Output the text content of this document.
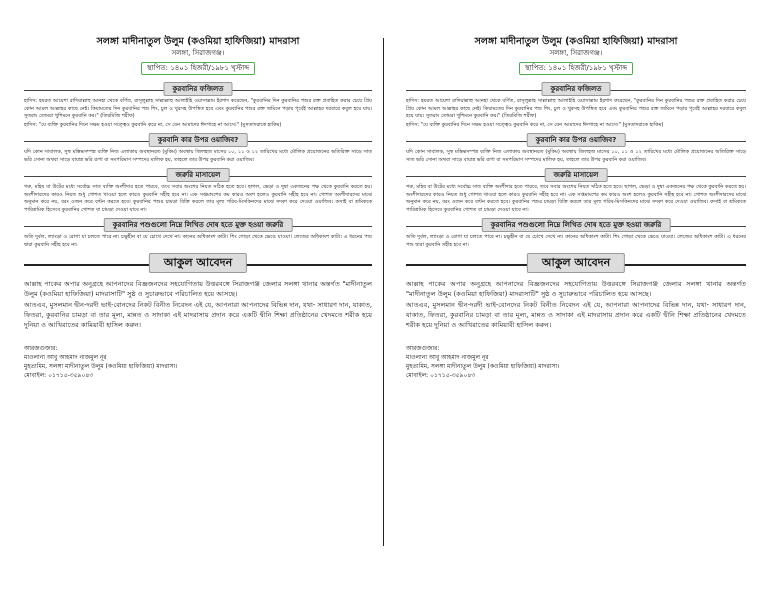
সলঙ্গা মাদীনাতুল উলুম (কওমিয়া হাফিজিয়া) মাদরাসা
সলঙ্গা, সিরাজগঞ্জ।
স্থাপিত: ১৪০১ হিজরী/১৯৮১ খৃস্টাব্দ
কুরবানির ফজিলত

হাদিস: হযরত আয়েশা রাদিয়াল্লাহু আনহা থেকে বর্ণিত, রাসূলুল্লাহ সাল্লাল্লাহু আলাইহি ওয়াসাল্লাম ইরশাদ করেছেন, "কুরবানির দিন কুরবানির পশুর রক্ত প্রবাহিত করার চেয়ে প্রিয় কোন আমল আল্লাহর কাছে নেই। কিয়ামতের দিন কুরবানির পশু শিং, চুল ও খুরসহ উপস্থিত হবে এবং কুরবানির পশুর রক্ত জমিনে পড়ার পূর্বেই আল্লাহর দরবারে কবুল হয়ে যায়। সুতরাং তোমরা খুশিমনে কুরবানি কর।" (তিরমিজি শরীফ)

হাদিস: "যে ব্যক্তি কুরবানির দিনে সক্ষম হওয়া সত্ত্বেও কুরবানি করে না, সে যেন আমাদের ঈদগাহে না আসে।" (মুসতাদরাকে হাকিম)

কুরবানি কার উপর ওয়াজিব?

যদি কোন সাবালক, সুস্থ মস্তিষ্কসম্পন্ন ব্যক্তি নিজ এলাকায় অবস্থানরত (মুকিম) অবস্থায় জিলহজ মাসের ১০, ১১ ও ১২ তারিখের মধ্যে মৌলিক প্রয়োজনের অতিরিক্ত সাড়ে সাত ভরি সোনা অথবা সাড়ে বায়ান্ন ভরি রূপা বা সমপরিমাণ সম্পদের মালিক হয়, তাহলে তার উপর কুরবানি করা ওয়াজিব।

জরুরি মাসায়েল

গরু, মহিষ বা উটের মধ্যে সর্বোচ্চ সাত ব্যক্তি অংশীদার হতে পারবে, তবে সবার অংশের নিয়ত সঠিক হতে হবে। ছাগল, ভেড়া ও দুম্বা একজনের পক্ষ থেকে কুরবানি করতে হয়। অংশীদারদের কারও নিয়ত শুধু গোশত খাওয়া হলে কারও কুরবানি সহীহ হবে না। এক সপ্তমাংশের কম কারও অংশ হলেও কুরবানি সহীহ হবে না। গোশত অংশীদারদের মাঝে অনুমান করে নয়, বরং ওজন করে বণ্টন করতে হবে। কুরবানির পশুর চামড়া বিক্রি করলে তার মূল্য গরিব-মিসকিনদের মাঝে সদকা করে দেওয়া ওয়াজিব। কসাই বা শ্রমিককে পারিশ্রমিক হিসেবে কুরবানির গোশত বা চামড়া দেওয়া যাবে না।

কুরবানির পশুগুলো নিম্নে লিখিত দোষ হতে মুক্ত হওয়া জরুরি

অতি দুর্বল, ল্যাংড়া ও রোগা যা চলতে পারে না। চক্ষুহীন বা যে চোখে দেখে না। কানের অধিকাংশ কাটা। শিং গোড়া থেকে ভেঙে যাওয়া। লেজের অধিকাংশ কাটা। এ ধরনের পশু দ্বারা কুরবানি সহীহ হবে না।

আকুল আবেদন

আল্লাহ পাকের অপার অনুগ্রহে আপনাদের বিজ্ঞজনদের সহযোগিতায় উত্তরবঙ্গে সিরাজগঞ্জ জেলার সলঙ্গা থানার অন্তর্গত "মাদীনাতুল উলুম (কওমিয়া হাফিজিয়া) মাদরাসাটি" সুষ্ঠ ও সুচারুভাবে পরিচালিত হয়ে আসছে।

আতএব, মুসলমান দ্বীন-দরদী ভাই-বোনদের নিকট বিনীত নিবেদন এই যে, আপনারা আপনাদের বিভিন্ন দান, যথা- সাধারণ দান, যাকাত, ফিতরা, কুরবানির চামড়া বা তার মূল্য, মান্নত ও সাদাকা এই মাদরাসায় প্রদান করে একটি দ্বীনি শিক্ষা প্রতিষ্ঠানের খেদমতে শরীক হয়ে দুনিয়া ও আখিরাতের কামিয়াবী হাসিল করুন।

আরজগুজার:
মাওলানা আবু আহমাদ নাজমুল নূর
মুহতামিম, সলঙ্গা মাদীনাতুল উলুম (কওমিয়া হাফিজিয়া) মাদরাসা।
মোবাইল: ০১৭১৫-৩৫৯০৪৩
সলঙ্গা মাদীনাতুল উলুম (কওমিয়া হাফিজিয়া) মাদরাসা
সলঙ্গা, সিরাজগঞ্জ।
স্থাপিত: ১৪০১ হিজরী/১৯৮১ খৃস্টাব্দ
কুরবানির ফজিলত

হাদিস: হযরত আয়েশা রাদিয়াল্লাহু আনহা থেকে বর্ণিত, রাসূলুল্লাহ সাল্লাল্লাহু আলাইহি ওয়াসাল্লাম ইরশাদ করেছেন, "কুরবানির দিন কুরবানির পশুর রক্ত প্রবাহিত করার চেয়ে প্রিয় কোন আমল আল্লাহর কাছে নেই। কিয়ামতের দিন কুরবানির পশু শিং, চুল ও খুরসহ উপস্থিত হবে এবং কুরবানির পশুর রক্ত জমিনে পড়ার পূর্বেই আল্লাহর দরবারে কবুল হয়ে যায়। সুতরাং তোমরা খুশিমনে কুরবানি কর।" (তিরমিজি শরীফ)

হাদিস: "যে ব্যক্তি কুরবানির দিনে সক্ষম হওয়া সত্ত্বেও কুরবানি করে না, সে যেন আমাদের ঈদগাহে না আসে।" (মুসতাদরাকে হাকিম)

কুরবানি কার উপর ওয়াজিব?

যদি কোন সাবালক, সুস্থ মস্তিষ্কসম্পন্ন ব্যক্তি নিজ এলাকায় অবস্থানরত (মুকিম) অবস্থায় জিলহজ মাসের ১০, ১১ ও ১২ তারিখের মধ্যে মৌলিক প্রয়োজনের অতিরিক্ত সাড়ে সাত ভরি সোনা অথবা সাড়ে বায়ান্ন ভরি রূপা বা সমপরিমাণ সম্পদের মালিক হয়, তাহলে তার উপর কুরবানি করা ওয়াজিব।

জরুরি মাসায়েল

গরু, মহিষ বা উটের মধ্যে সর্বোচ্চ সাত ব্যক্তি অংশীদার হতে পারবে, তবে সবার অংশের নিয়ত সঠিক হতে হবে। ছাগল, ভেড়া ও দুম্বা একজনের পক্ষ থেকে কুরবানি করতে হয়। অংশীদারদের কারও নিয়ত শুধু গোশত খাওয়া হলে কারও কুরবানি সহীহ হবে না। এক সপ্তমাংশের কম কারও অংশ হলেও কুরবানি সহীহ হবে না। গোশত অংশীদারদের মাঝে অনুমান করে নয়, বরং ওজন করে বণ্টন করতে হবে। কুরবানির পশুর চামড়া বিক্রি করলে তার মূল্য গরিব-মিসকিনদের মাঝে সদকা করে দেওয়া ওয়াজিব। কসাই বা শ্রমিককে পারিশ্রমিক হিসেবে কুরবানির গোশত বা চামড়া দেওয়া যাবে না।

কুরবানির পশুগুলো নিম্নে লিখিত দোষ হতে মুক্ত হওয়া জরুরি

অতি দুর্বল, ল্যাংড়া ও রোগা যা চলতে পারে না। চক্ষুহীন বা যে চোখে দেখে না। কানের অধিকাংশ কাটা। শিং গোড়া থেকে ভেঙে যাওয়া। লেজের অধিকাংশ কাটা। এ ধরনের পশু দ্বারা কুরবানি সহীহ হবে না।

আকুল আবেদন

আল্লাহ পাকের অপার অনুগ্রহে আপনাদের বিজ্ঞজনদের সহযোগিতায় উত্তরবঙ্গে সিরাজগঞ্জ জেলার সলঙ্গা থানার অন্তর্গত "মাদীনাতুল উলুম (কওমিয়া হাফিজিয়া) মাদরাসাটি" সুষ্ঠ ও সুচারুভাবে পরিচালিত হয়ে আসছে।

আতএব, মুসলমান দ্বীন-দরদী ভাই-বোনদের নিকট বিনীত নিবেদন এই যে, আপনারা আপনাদের বিভিন্ন দান, যথা- সাধারণ দান, যাকাত, ফিতরা, কুরবানির চামড়া বা তার মূল্য, মান্নত ও সাদাকা এই মাদরাসায় প্রদান করে একটি দ্বীনি শিক্ষা প্রতিষ্ঠানের খেদমতে শরীক হয়ে দুনিয়া ও আখিরাতের কামিয়াবী হাসিল করুন।

আরজগুজার:
মাওলানা আবু আহমাদ নাজমুল নূর
মুহতামিম, সলঙ্গা মাদীনাতুল উলুম (কওমিয়া হাফিজিয়া) মাদরাসা।
মোবাইল: ০১৭১৫-৩৫৯০৪৩
